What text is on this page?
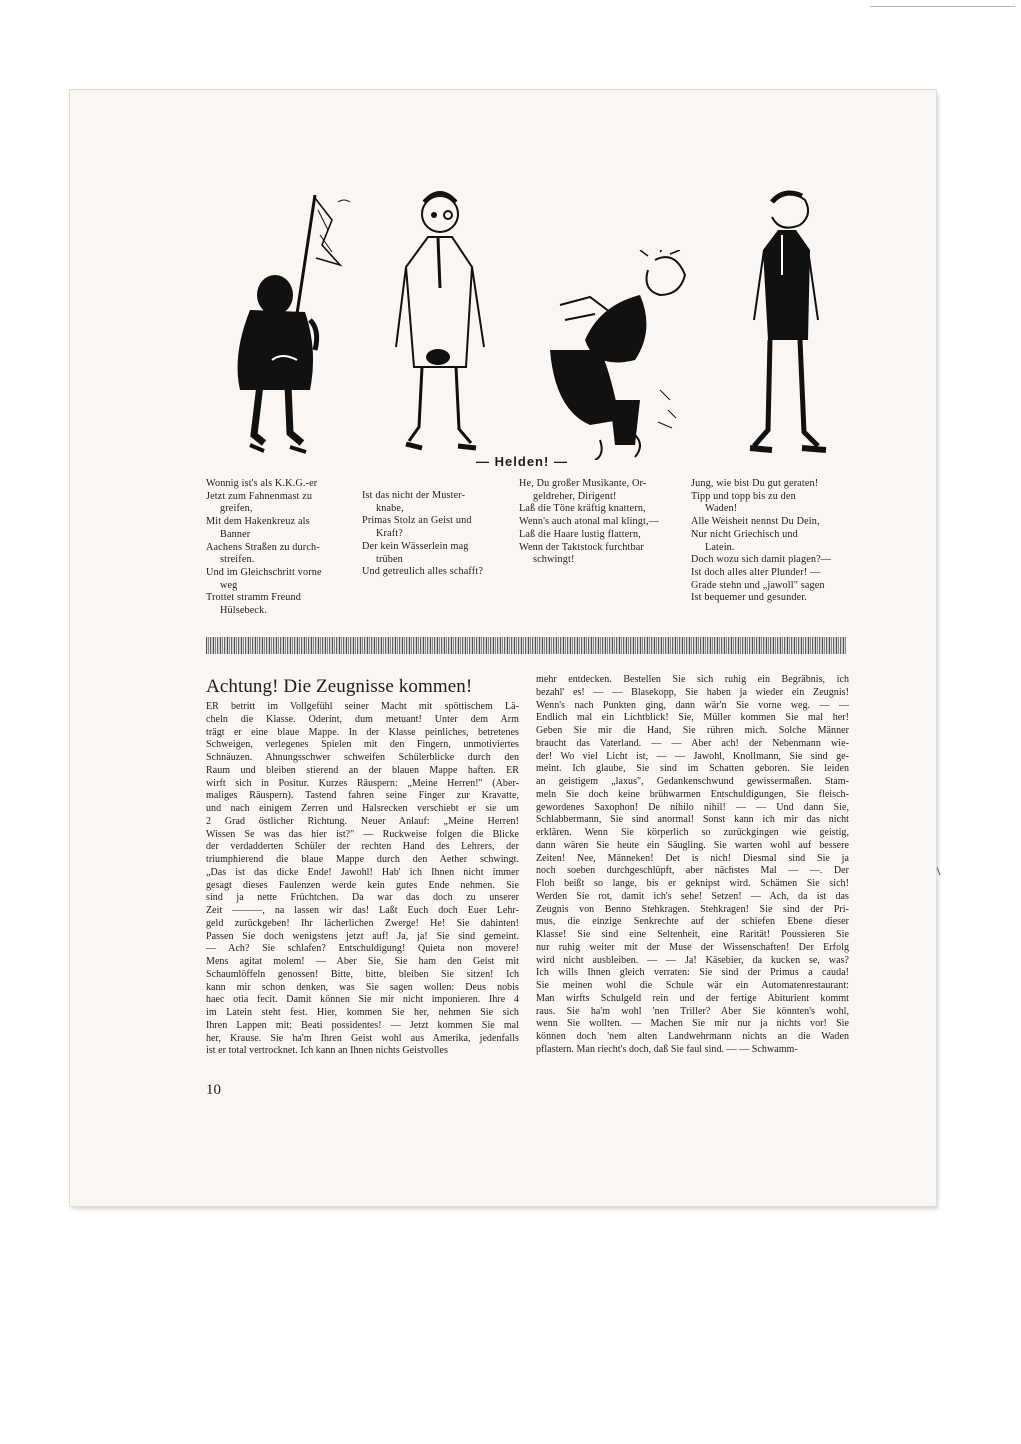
— Helden! —
Wonnig ist's als K.K.G.-er
Jetzt zum Fahnenmast zu
greifen,
Mit dem Hakenkreuz als
Banner
Aachens Straßen zu durch-
streifen.
Und im Gleichschritt vorne
weg
Trottet stramm Freund
Hülsebeck.
Ist das nicht der Muster-
knabe,
Primas Stolz an Geist und
Kraft?
Der kein Wässerlein mag
trüben
Und getreulich alles schafft?
He, Du großer Musikante, Or-
geldreher, Dirigent!
Laß die Töne kräftig knattern,
Wenn's auch atonal mal klingt,—
Laß die Haare lustig flattern,
Wenn der Taktstock furchtbar
schwingt!
Jung, wie bist Du gut geraten!
Tipp und topp bis zu den
Waden!
Alle Weisheit nennst Du Dein,
Nur nicht Griechisch und
Latein.
Doch wozu sich damit plagen?—
Ist doch alles alter Plunder! —
Grade stehn und „jawoll" sagen
Ist bequemer und gesunder.
Achtung! Die Zeugnisse kommen!
ER betritt im Vollgefühl seiner Macht mit spöttischem Lä-
cheln die Klasse. Oderint, dum metuant! Unter dem Arm
trägt er eine blaue Mappe. In der Klasse peinliches, betretenes
Schweigen, verlegenes Spielen mit den Fingern, unmotiviertes
Schnäuzen. Ahnungsschwer schweifen Schülerblicke durch den
Raum und bleiben stierend an der blauen Mappe haften. ER
wirft sich in Positur. Kurzes Räuspern: „Meine Herren!" (Aber-
maliges Räuspern). Tastend fahren seine Finger zur Kravatte,
und nach einigem Zerren und Halsrecken verschiebt er sie um
2 Grad östlicher Richtung. Neuer Anlauf: „Meine Herren!
Wissen Se was das hier ist?" — Ruckweise folgen die Blicke
der verdadderten Schüler der rechten Hand des Lehrers, der
triumphierend die blaue Mappe durch den Aether schwingt.
„Das ist das dicke Ende! Jawohl! Hab' ich Ihnen nicht immer
gesagt dieses Faulenzen werde kein gutes Ende nehmen. Sie
sind ja nette Früchtchen. Da war das doch zu unserer
Zeit ———, na lassen wir das! Laßt Euch doch Euer Lehr-
geld zurückgeben! Ihr lächerlichen Zwerge! He! Sie dahinten!
Passen Sie doch wenigstens jetzt auf! Ja, ja! Sie sind gemeint.
— Ach? Sie schlafen? Entschuldigung! Quieta non movere!
Mens agitat molem! — Aber Sie, Sie ham den Geist mit
Schaumlöffeln genossen! Bitte, bitte, bleiben Sie sitzen! Ich
kann mir schon denken, was Sie sagen wollen: Deus nobis
haec otia fecit. Damit können Sie mir nicht imponieren. Ihre 4
im Latein steht fest. Hier, kommen Sie her, nehmen Sie sich
Ihren Lappen mit: Beati possidentes! — Jetzt kommen Sie mal
her, Krause. Sie ha'm Ihren Geist wohl aus Amerika, jedenfalls
ist er total vertrocknet. Ich kann an Ihnen nichts Geistvolles
mehr entdecken. Bestellen Sie sich ruhig ein Begräbnis, ich
bezahl' es! — — Blasekopp, Sie haben ja wieder ein Zeugnis!
Wenn's nach Punkten ging, dann wär'n Sie vorne weg. — —
Endlich mal ein Lichtblick! Sie, Müller kommen Sie mal her!
Geben Sie mir die Hand, Sie rühren mich. Solche Männer
braucht das Vaterland. — — Aber ach! der Nebenmann wie-
der! Wo viel Licht ist, — — Jawohl, Knollmann, Sie sind ge-
meint. Ich glaube, Sie sind im Schatten geboren. Sie leiden
an geistigem „laxus", Gedankenschwund gewissermaßen. Stam-
meln Sie doch keine brühwarmen Entschuldigungen, Sie fleisch-
gewordenes Saxophon! De nihilo nihil! — — Und dann Sie,
Schlabbermann, Sie sind anormal! Sonst kann ich mir das nicht
erklären. Wenn Sie körperlich so zurückgingen wie geistig,
dann wären Sie heute ein Säugling. Sie warten wohl auf bessere
Zeiten! Nee, Männeken! Det is nich! Diesmal sind Sie ja
noch soeben durchgeschlüpft, aber nächstes Mal — —. Der
Floh beißt so lange, bis er geknipst wird. Schämen Sie sich!
Werden Sie rot, damit ich's sehe! Setzen! — Ach, da ist das
Zeugnis von Benno Stehkragen. Stehkragen! Sie sind der Pri-
mus, die einzige Senkrechte auf der schiefen Ebene dieser
Klasse! Sie sind eine Seltenheit, eine Rarität! Poussieren Sie
nur ruhig weiter mit der Muse der Wissenschaften! Der Erfolg
wird nicht ausbleiben. — — Ja! Käsebier, da kucken se, was?
Ich wills Ihnen gleich verraten: Sie sind der Primus a cauda!
Sie meinen wohl die Schule wär ein Automatenrestaurant:
Man wirfts Schulgeld rein und der fertige Abiturient kommt
raus. Sie ha'm wohl 'nen Triller? Aber Sie könnten's wohl,
wenn Sie wollten. — Machen Sie mir nur ja nichts vor! Sie
können doch 'nem alten Landwehrmann nichts an die Waden
pflastern. Man riecht's doch, daß Sie faul sind. — — Schwamm-
10
